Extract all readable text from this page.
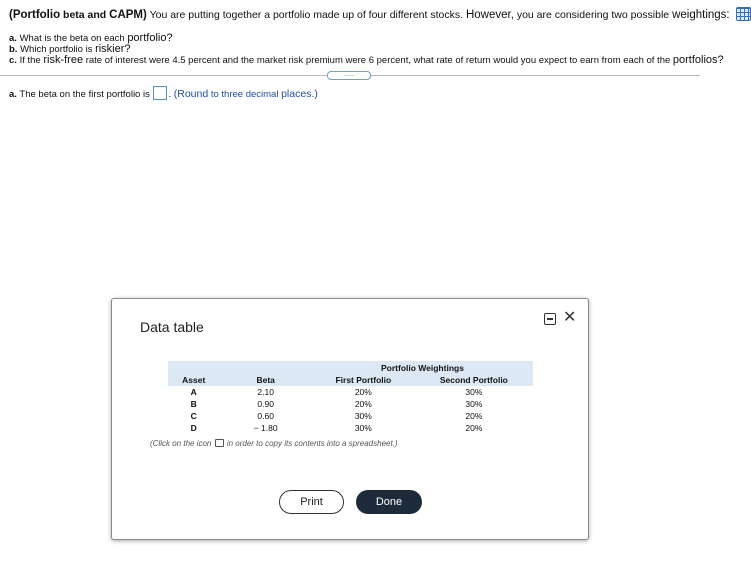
(Portfolio beta and CAPM) You are putting together a portfolio made up of four different stocks. However, you are considering two possible weightings:
a. What is the beta on each portfolio?
b. Which portfolio is riskier?
c. If the risk-free rate of interest were 4.5 percent and the market risk premium were 6 percent, what rate of return would you expect to earn from each of the portfolios?
.....
a. The beta on the first portfolio is . (Round to three decimal places.)
Data table
✕
		Portfolio Weightings	
Asset	Beta	First Portfolio	Second Portfolio
A	2.10	20%	30%
B	0.90	20%	30%
C	0.60	30%	20%
D	− 1.80	30%	20%
(Click on the icon in order to copy its contents into a spreadsheet.)
Print	Done
